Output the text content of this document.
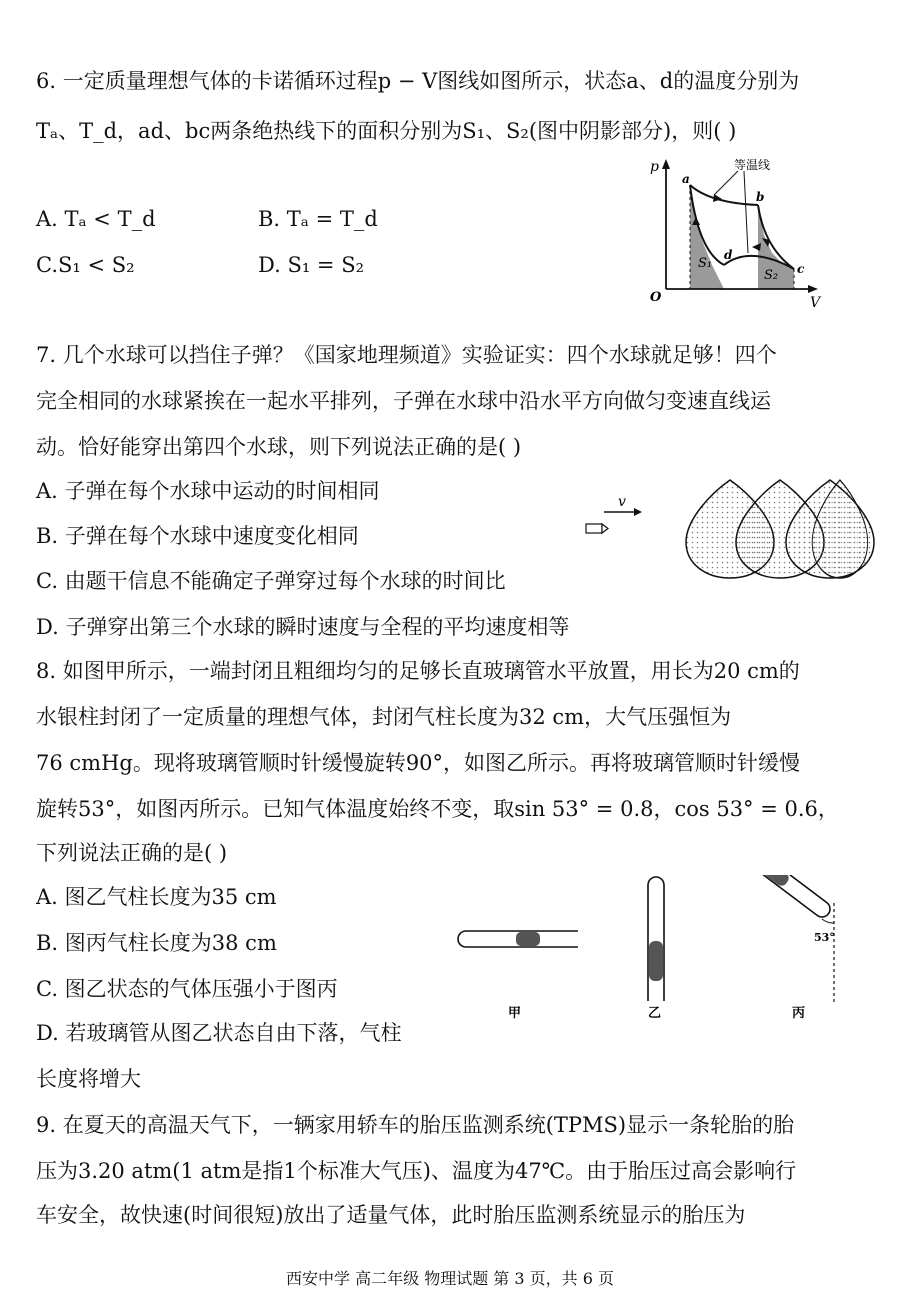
6. 一定质量理想气体的卡诺循环过程p − V图线如图所示，状态a、d的温度分别为
Tₐ、T_d，ad、bc两条绝热线下的面积分别为S₁、S₂(图中阴影部分)，则( )
A. Tₐ < T_d	B. Tₐ = T_d
C.S₁ < S₂	D. S₁ = S₂
等温线
p
V
O
a
b
c
d
S₁
S₂
7. 几个水球可以挡住子弹？《国家地理频道》实验证实：四个水球就足够！四个
完全相同的水球紧挨在一起水平排列，子弹在水球中沿水平方向做匀变速直线运
动。恰好能穿出第四个水球，则下列说法正确的是( )
A. 子弹在每个水球中运动的时间相同
B. 子弹在每个水球中速度变化相同
C. 由题干信息不能确定子弹穿过每个水球的时间比
D. 子弹穿出第三个水球的瞬时速度与全程的平均速度相等
v
8. 如图甲所示，一端封闭且粗细均匀的足够长直玻璃管水平放置，用长为20 cm的
水银柱封闭了一定质量的理想气体，封闭气柱长度为32 cm，大气压强恒为
76 cmHg。现将玻璃管顺时针缓慢旋转90°，如图乙所示。再将玻璃管顺时针缓慢
旋转53°，如图丙所示。已知气体温度始终不变，取sin 53° = 0.8，cos 53° = 0.6，
下列说法正确的是( )
A. 图乙气柱长度为35 cm
B. 图丙气柱长度为38 cm
C. 图乙状态的气体压强小于图丙
D. 若玻璃管从图乙状态自由下落，气柱
长度将增大
甲	乙
53°
丙
9. 在夏天的高温天气下，一辆家用轿车的胎压监测系统(TPMS)显示一条轮胎的胎
压为3.20 atm(1 atm是指1个标准大气压)、温度为47℃。由于胎压过高会影响行
车安全，故快速(时间很短)放出了适量气体，此时胎压监测系统显示的胎压为
西安中学 高二年级 物理试题 第 3 页，共 6 页
